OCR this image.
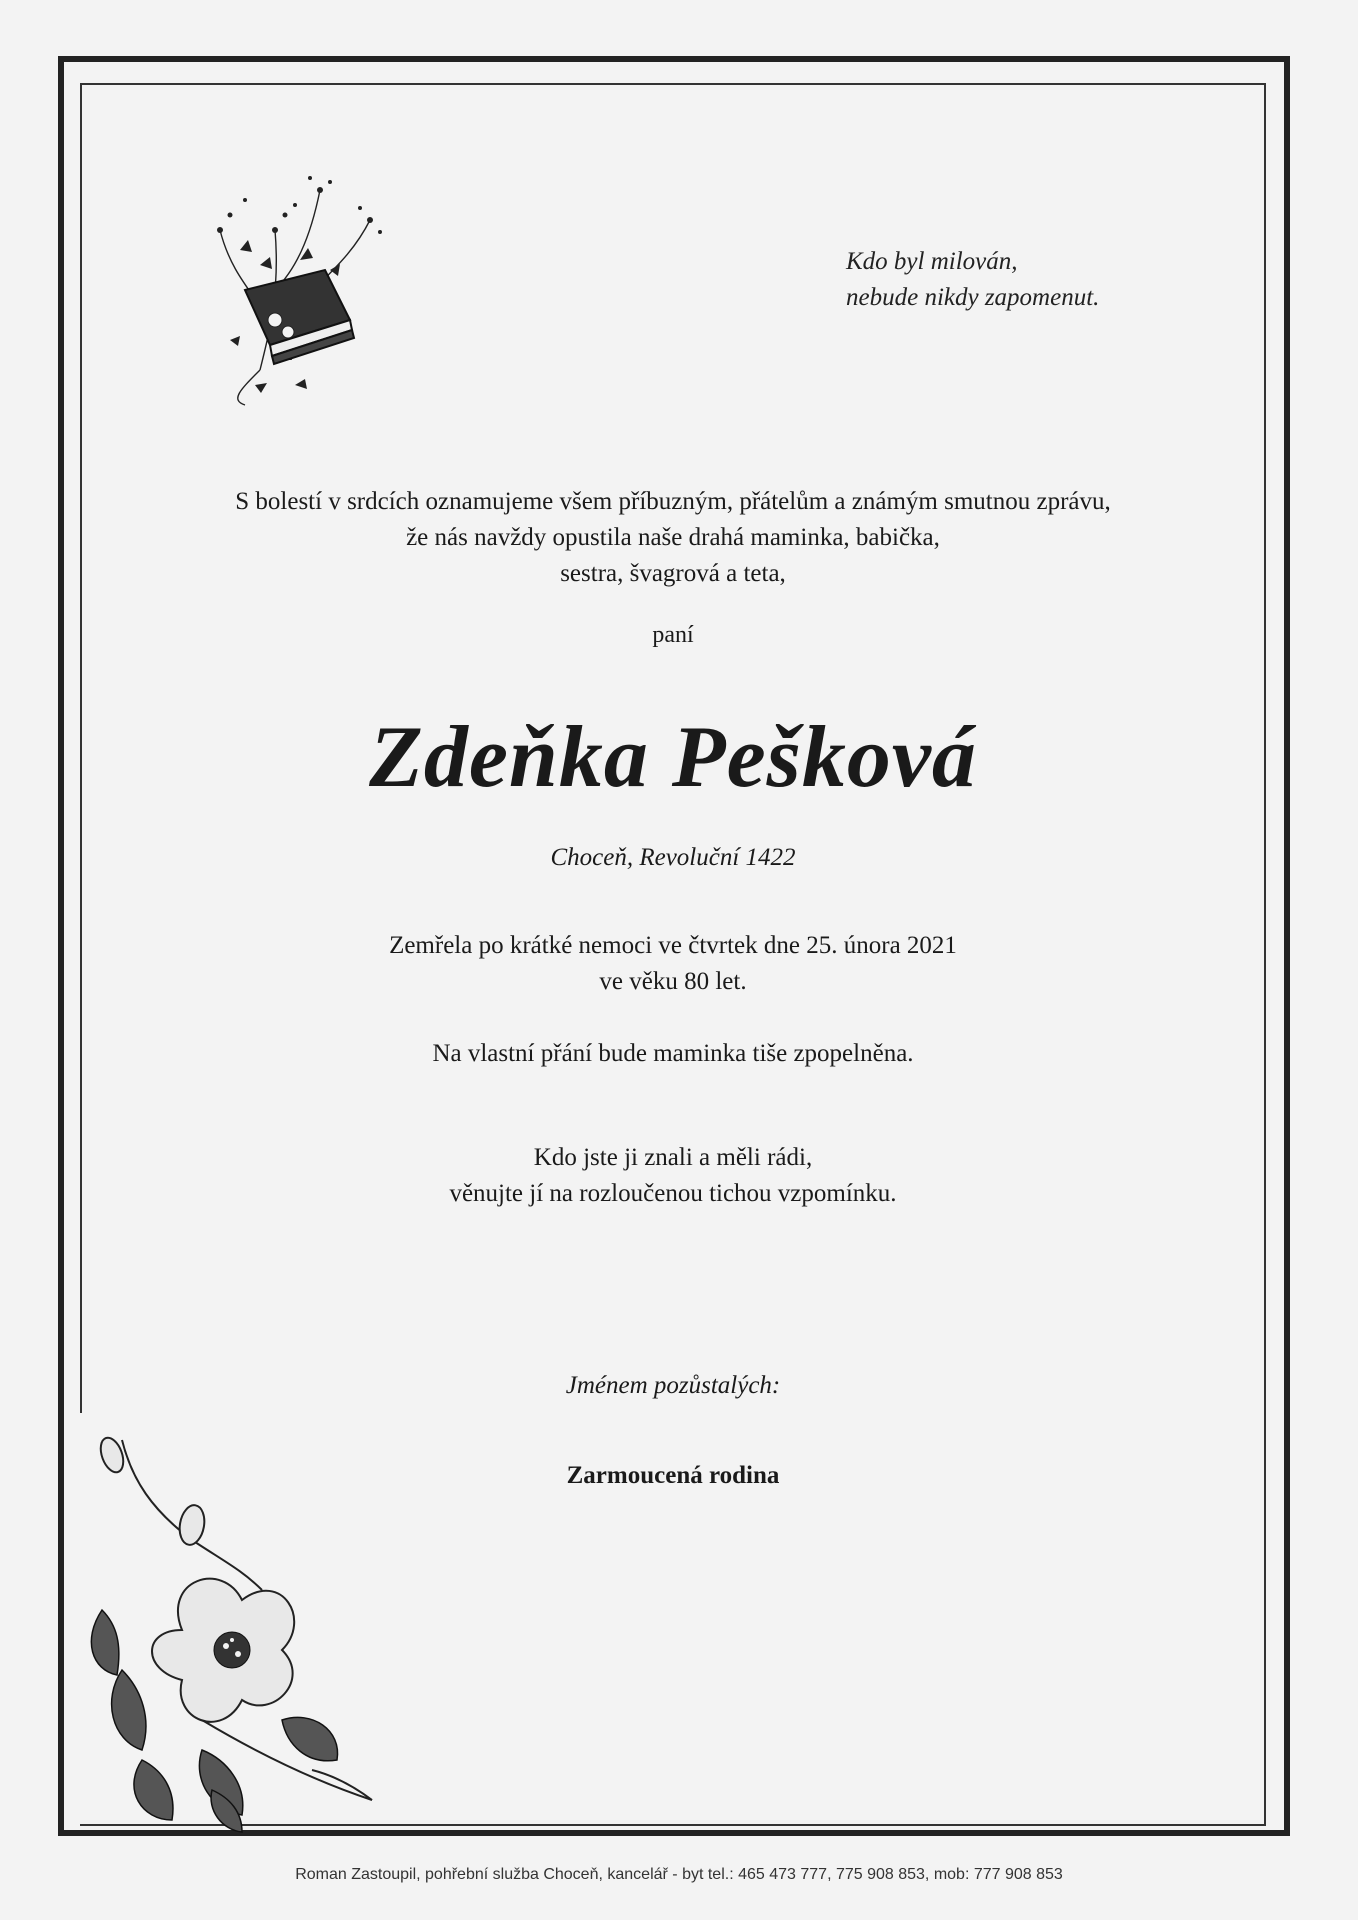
Kdo byl milován,
nebude nikdy zapomenut.
S bolestí v srdcích oznamujeme všem příbuzným, přátelům a známým smutnou zprávu,
že nás navždy opustila naše drahá maminka, babička,
sestra, švagrová a teta,
paní
Zdeňka Pešková
Choceň, Revoluční 1422
Zemřela po krátké nemoci ve čtvrtek dne 25. února 2021
ve věku 80 let.
Na vlastní přání bude maminka tiše zpopelněna.
Kdo jste ji znali a měli rádi,
věnujte jí na rozloučenou tichou vzpomínku.
Jménem pozůstalých:
Zarmoucená rodina
Roman Zastoupil, pohřební služba Choceň, kancelář - byt tel.: 465 473 777, 775 908 853, mob: 777 908 853
